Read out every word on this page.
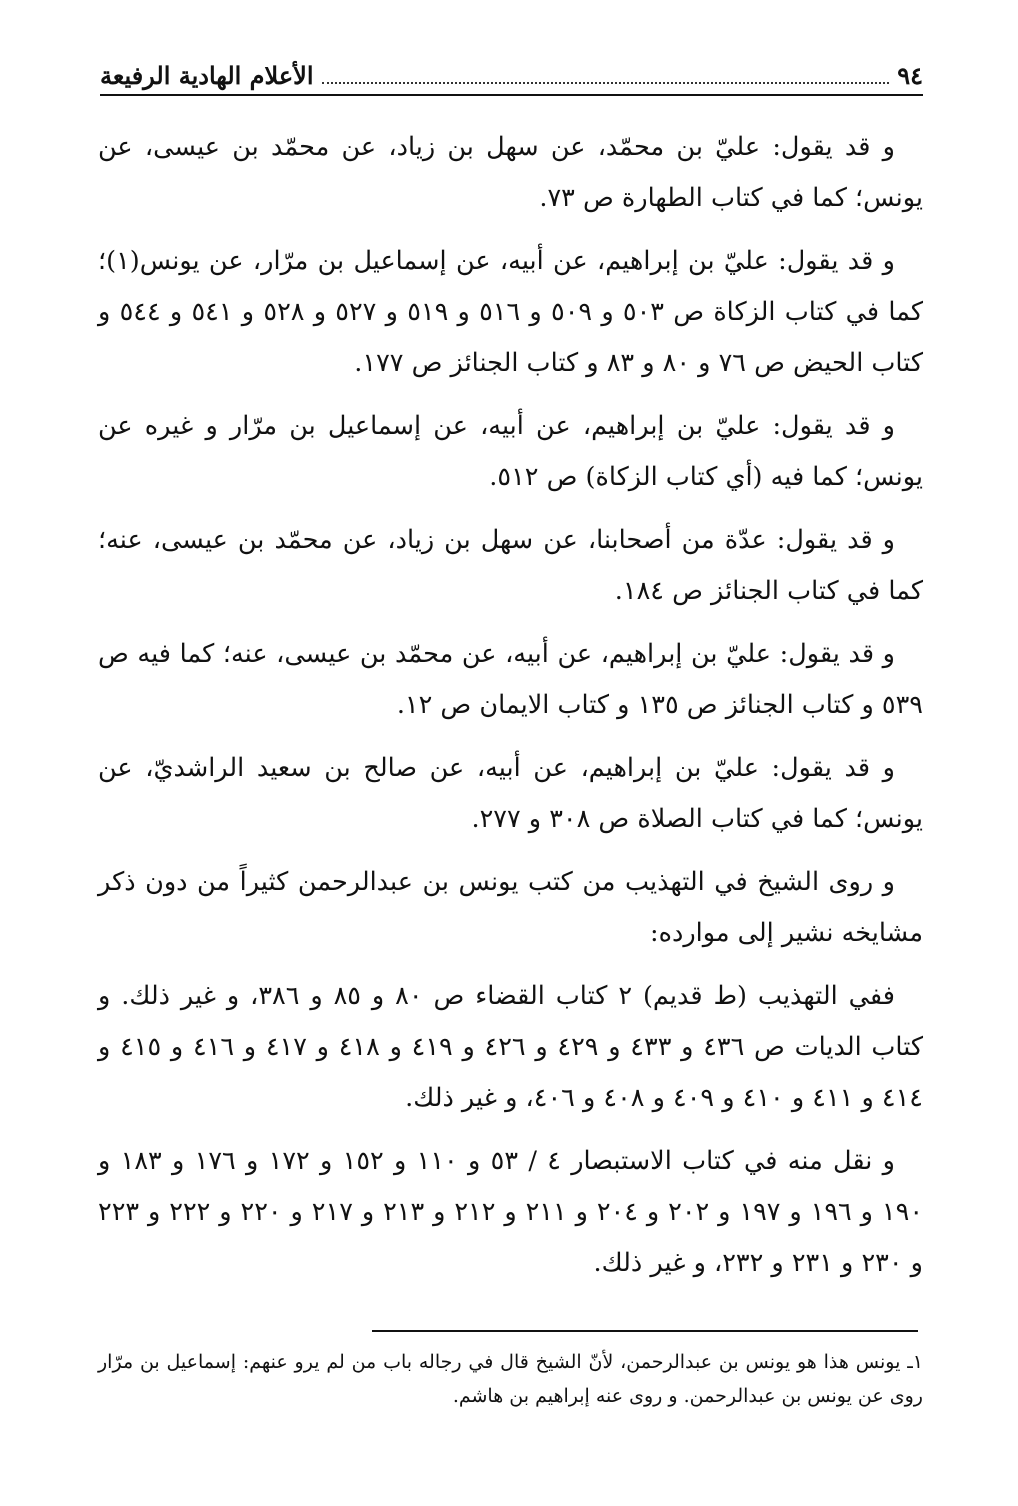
٩٤
الأعلام الهادية الرفيعة

و قد يقول: عليّ بن محمّد، عن سهل بن زياد، عن محمّد بن عيسى، عن يونس؛ كما في كتاب الطهارة ص ٧٣.

و قد يقول: عليّ بن إبراهيم، عن أبيه، عن إسماعيل بن مرّار، عن يونس(١)؛ كما في كتاب الزكاة ص ٥٠٣ و ٥٠٩ و ٥١٦ و ٥١٩ و ٥٢٧ و ٥٢٨ و ٥٤١ و ٥٤٤ و كتاب الحيض ص ٧٦ و ٨٠ و ٨٣ و كتاب الجنائز ص ١٧٧.

و قد يقول: عليّ بن إبراهيم، عن أبيه، عن إسماعيل بن مرّار و غيره عن يونس؛ كما فيه (أي كتاب الزكاة) ص ٥١٢.

و قد يقول: عدّة من أصحابنا، عن سهل بن زياد، عن محمّد بن عيسى، عنه؛ كما في كتاب الجنائز ص ١٨٤.

و قد يقول: عليّ بن إبراهيم، عن أبيه، عن محمّد بن عيسى، عنه؛ كما فيه ص ٥٣٩ و كتاب الجنائز ص ١٣٥ و كتاب الايمان ص ١٢.

و قد يقول: عليّ بن إبراهيم، عن أبيه، عن صالح بن سعيد الراشديّ، عن يونس؛ كما في كتاب الصلاة ص ٣٠٨ و ٢٧٧.

و روى الشيخ في التهذيب من كتب يونس بن عبدالرحمن كثيراً من دون ذكر مشايخه نشير إلى موارده:

ففي التهذيب (ط قديم) ٢ كتاب القضاء ص ٨٠ و ٨٥ و ٣٨٦، و غير ذلك. و كتاب الديات ص ٤٣٦ و ٤٣٣ و ٤٢٩ و ٤٢٦ و ٤١٩ و ٤١٨ و ٤١٧ و ٤١٦ و ٤١٥ و ٤١٤ و ٤١١ و ٤١٠ و ٤٠٩ و ٤٠٨ و ٤٠٦، و غير ذلك.

و نقل منه في كتاب الاستبصار ٤ / ٥٣ و ١١٠ و ١٥٢ و ١٧٢ و ١٧٦ و ١٨٣ و ١٩٠ و ١٩٦ و ١٩٧ و ٢٠٢ و ٢٠٤ و ٢١١ و ٢١٢ و ٢١٣ و ٢١٧ و ٢٢٠ و ٢٢٢ و ٢٢٣ و ٢٣٠ و ٢٣١ و ٢٣٢، و غير ذلك.

١ـ يونس هذا هو يونس بن عبدالرحمن، لأنّ الشيخ قال في رجاله باب من لم يرو عنهم: إسماعيل بن مرّار روى عن يونس بن عبدالرحمن. و روى عنه إبراهيم بن هاشم.
